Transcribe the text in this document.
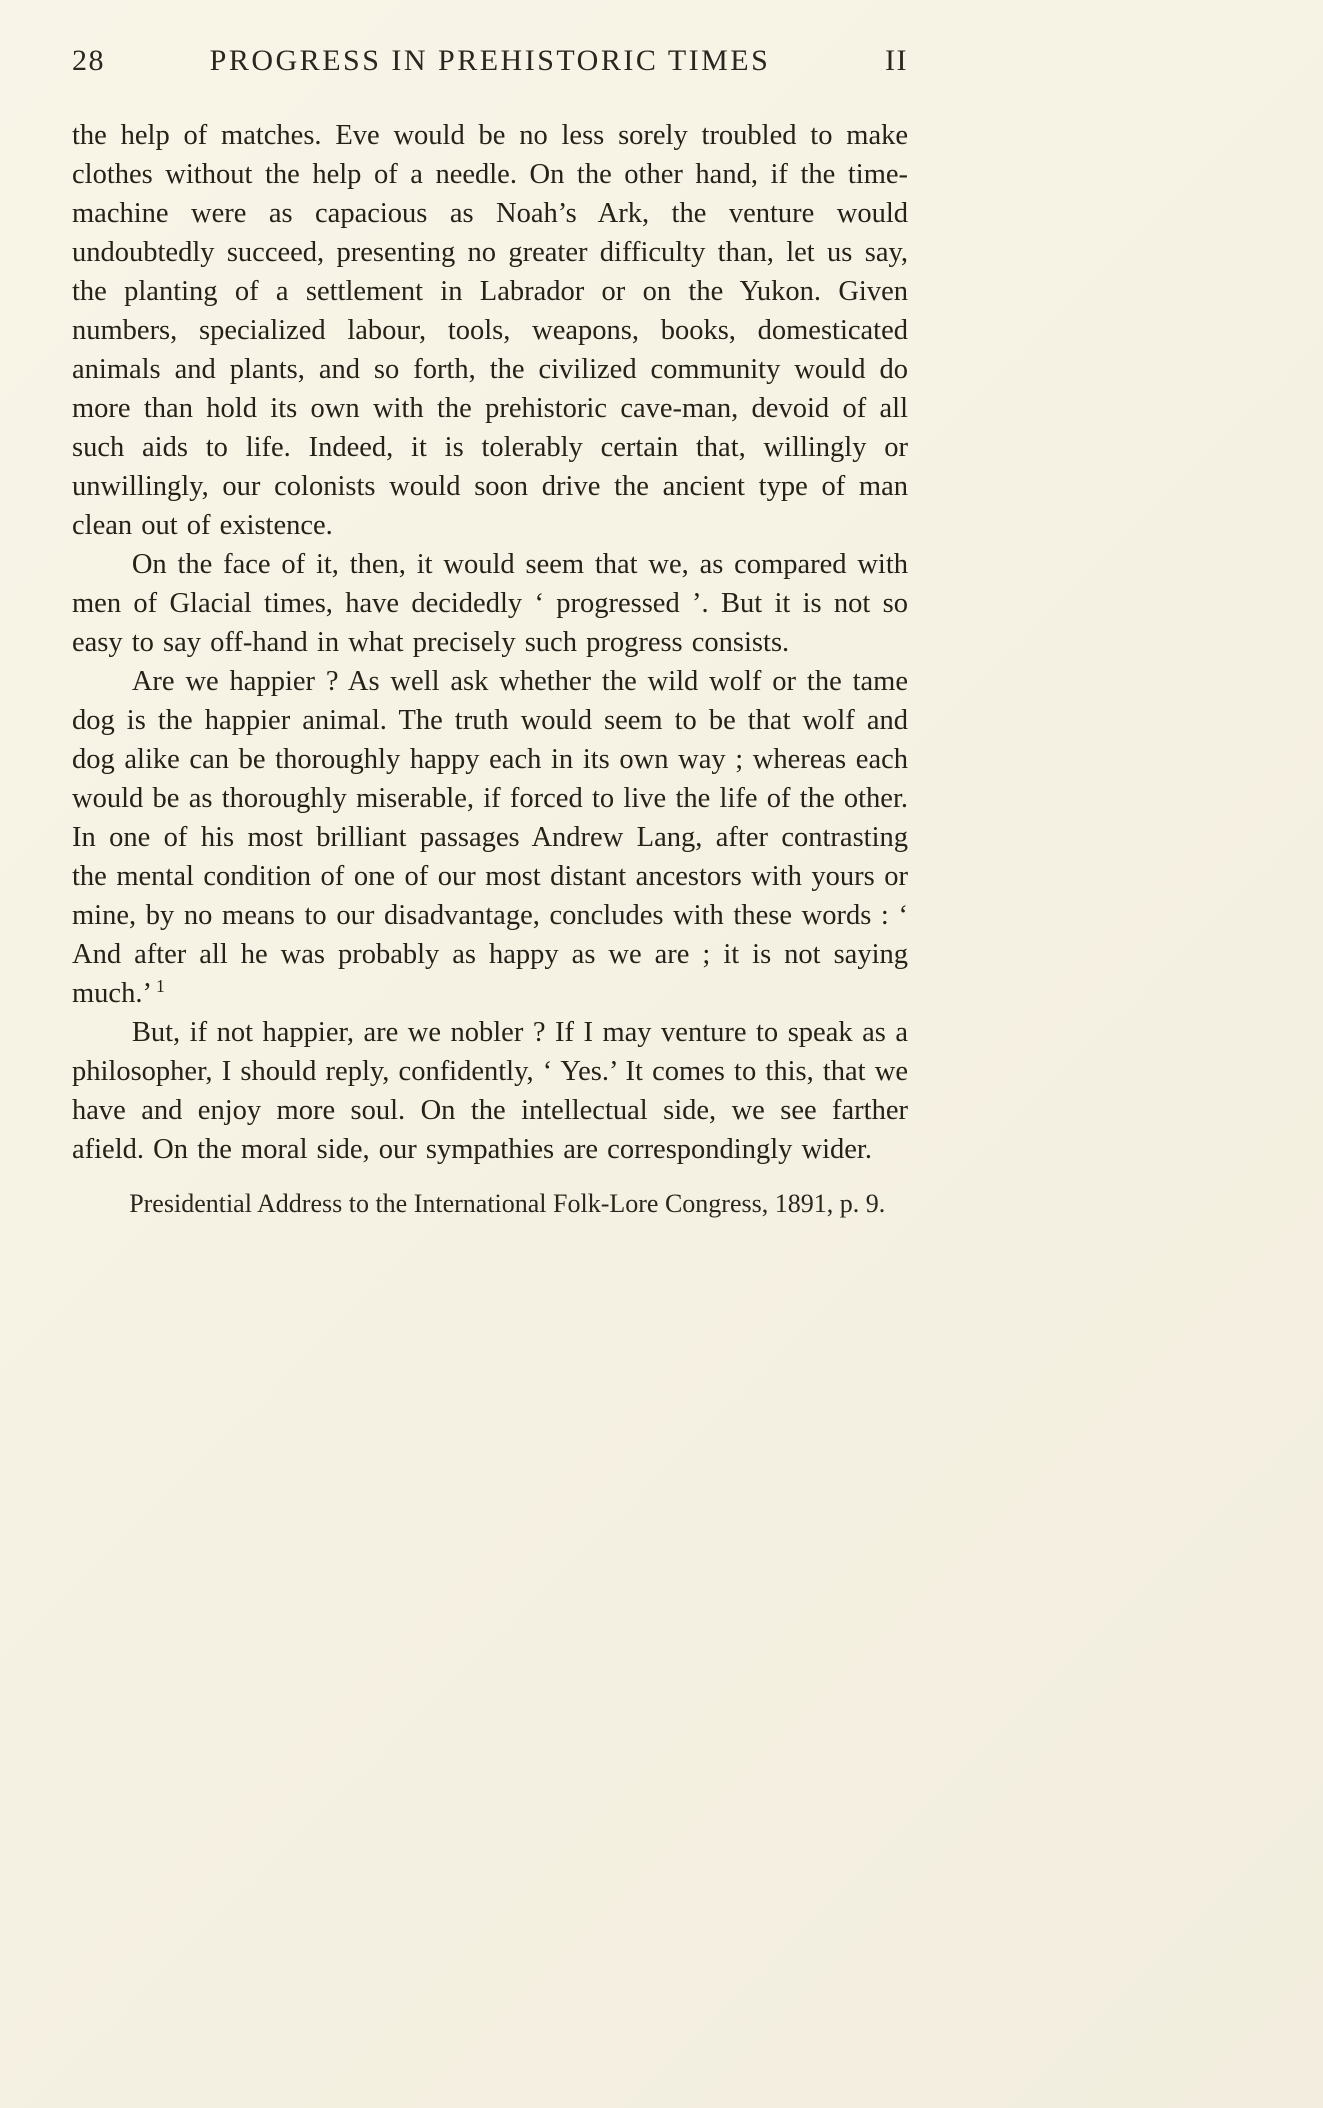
28	PROGRESS IN PREHISTORIC TIMES	II

the help of matches. Eve would be no less sorely troubled to make clothes without the help of a needle. On the other hand, if the time-machine were as capacious as Noah’s Ark, the venture would undoubtedly succeed, presenting no greater difficulty than, let us say, the planting of a settlement in Labrador or on the Yukon. Given numbers, specialized labour, tools, weapons, books, domesticated animals and plants, and so forth, the civilized community would do more than hold its own with the prehistoric cave-man, devoid of all such aids to life. Indeed, it is tolerably certain that, willingly or unwillingly, our colonists would soon drive the ancient type of man clean out of existence.

On the face of it, then, it would seem that we, as compared with men of Glacial times, have decidedly ‘ progressed ’. But it is not so easy to say off-hand in what precisely such progress consists.

Are we happier ? As well ask whether the wild wolf or the tame dog is the happier animal. The truth would seem to be that wolf and dog alike can be thoroughly happy each in its own way ; whereas each would be as thoroughly miserable, if forced to live the life of the other. In one of his most brilliant passages Andrew Lang, after contrasting the mental condition of one of our most distant ancestors with yours or mine, by no means to our disadvantage, concludes with these words : ‘ And after all he was probably as happy as we are ; it is not saying much.’ $^1$

But, if not happier, are we nobler ? If I may venture to speak as a philosopher, I should reply, confidently, ‘ Yes.’ It comes to this, that we have and enjoy more soul. On the intellectual side, we see farther afield. On the moral side, our sympathies are correspondingly wider.

Presidential Address to the International Folk-Lore Congress, 1891, p. 9.
